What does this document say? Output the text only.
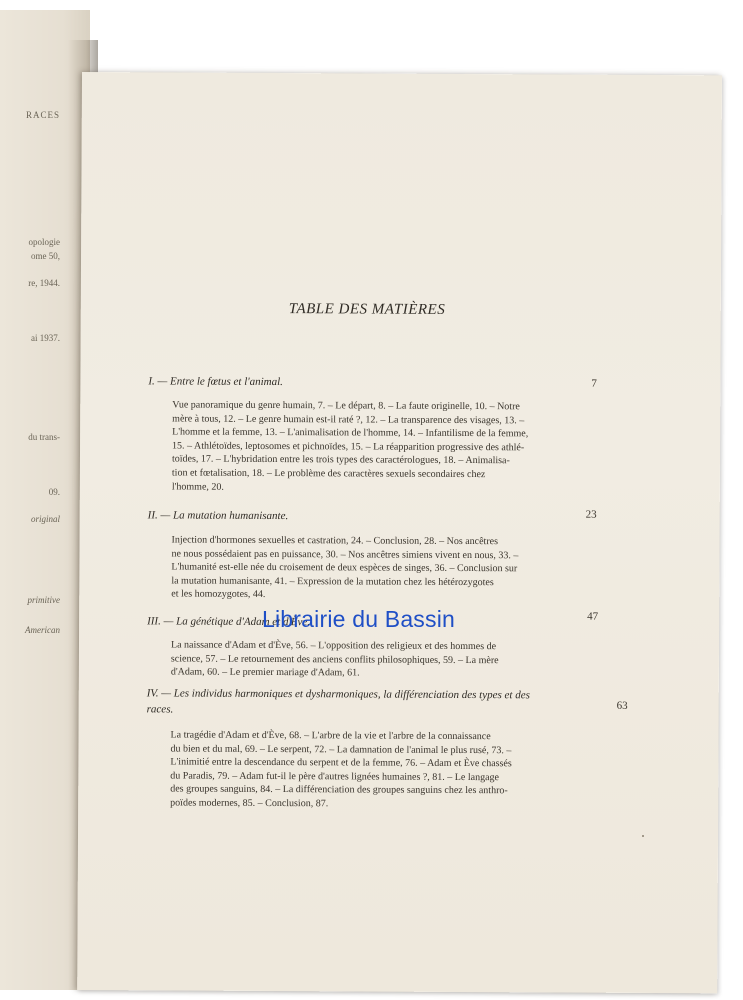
RACES
opologie
ome 50,
re, 1944.
ai 1937.
du trans-
09.
original
primitive
American
TABLE DES MATIÈRES
I. — Entre le fœtus et l'animal.	7
Vue panoramique du genre humain, 7. – Le départ, 8. – La faute originelle, 10. – Notre
mère à tous, 12. – Le genre humain est-il raté ?, 12. – La transparence des visages, 13. –
L'homme et la femme, 13. – L'animalisation de l'homme, 14. – Infantilisme de la femme,
15. – Athlétoïdes, leptosomes et pichnoïdes, 15. – La réapparition progressive des athlé-
toïdes, 17. – L'hybridation entre les trois types des caractérologues, 18. – Animalisa-
tion et fœtalisation, 18. – Le problème des caractères sexuels secondaires chez
l'homme, 20.
II. — La mutation humanisante.	23
Injection d'hormones sexuelles et castration, 24. – Conclusion, 28. – Nos ancêtres
ne nous possédaient pas en puissance, 30. – Nos ancêtres simiens vivent en nous, 33. –
L'humanité est-elle née du croisement de deux espèces de singes, 36. – Conclusion sur
la mutation humanisante, 41. – Expression de la mutation chez les hétérozygotes
et les homozygotes, 44.
III. — La génétique d'Adam et d'Ève.	47
La naissance d'Adam et d'Ève, 56. – L'opposition des religieux et des hommes de
science, 57. – Le retournement des anciens conflits philosophiques, 59. – La mère
d'Adam, 60. – Le premier mariage d'Adam, 61.
IV. — Les individus harmoniques et dysharmoniques, la différenciation des types et des
races.	63
La tragédie d'Adam et d'Ève, 68. – L'arbre de la vie et l'arbre de la connaissance
du bien et du mal, 69. – Le serpent, 72. – La damnation de l'animal le plus rusé, 73. –
L'inimitié entre la descendance du serpent et de la femme, 76. – Adam et Ève chassés
du Paradis, 79. – Adam fut-il le père d'autres lignées humaines ?, 81. – Le langage
des groupes sanguins, 84. – La différenciation des groupes sanguins chez les anthro-
poïdes modernes, 85. – Conclusion, 87.
Librairie du Bassin
